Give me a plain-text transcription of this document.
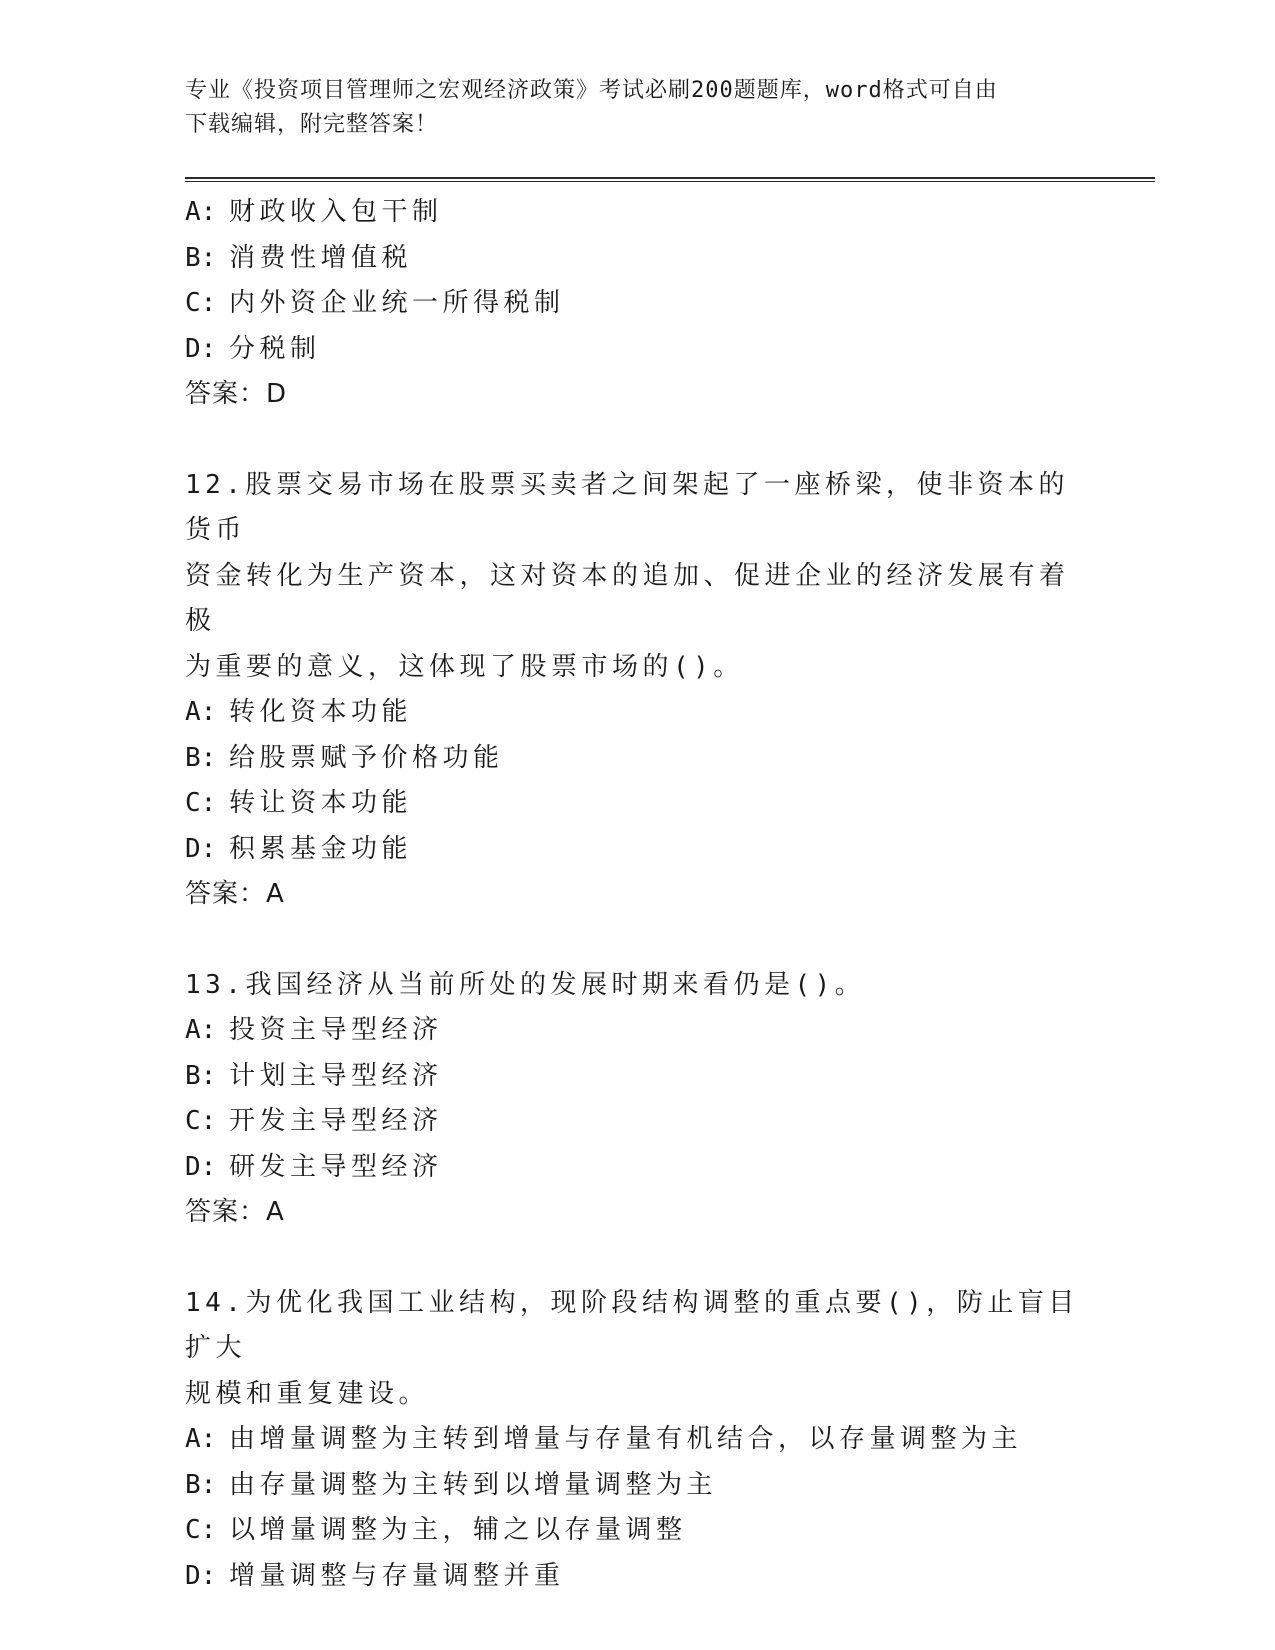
专业《投资项目管理师之宏观经济政策》考试必刷200题题库，word格式可自由
下载编辑，附完整答案！
A: 财政收入包干制
B: 消费性增值税
C: 内外资企业统一所得税制
D: 分税制
答案：D
12.股票交易市场在股票买卖者之间架起了一座桥梁，使非资本的货币
资金转化为生产资本，这对资本的追加、促进企业的经济发展有着极
为重要的意义，这体现了股票市场的()。
A: 转化资本功能
B: 给股票赋予价格功能
C: 转让资本功能
D: 积累基金功能
答案：A
13.我国经济从当前所处的发展时期来看仍是()。
A: 投资主导型经济
B: 计划主导型经济
C: 开发主导型经济
D: 研发主导型经济
答案：A
14.为优化我国工业结构，现阶段结构调整的重点要()，防止盲目扩大
规模和重复建设。
A: 由增量调整为主转到增量与存量有机结合，以存量调整为主
B: 由存量调整为主转到以增量调整为主
C: 以增量调整为主，辅之以存量调整
D: 增量调整与存量调整并重
